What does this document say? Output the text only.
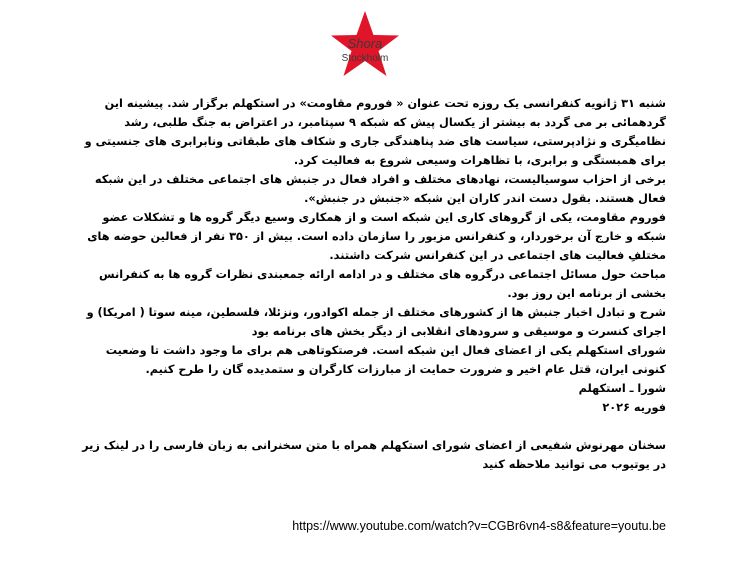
Shora
Stockholm

شنبه ۳۱ ژانویه کنفرانسی یک روزه تحت عنوان « فوروم مقاومت» در استکهلم برگزار شد. پیشینه این گردهمائی بر می گردد به بیشتر از یکسال پیش که شبکه ۹ سپتامبر، در اعتراض به جنگ طلبی، رشد نظامیگری و نژادپرستی، سیاست های ضد پناهندگی جاری و شکاف های طبقاتی ونابرابری های جنسیتی و برای همبستگی و برابری، با تظاهرات وسیعی شروع به فعالیت کرد.

برخی از احزاب سوسیالیست، نهادهای مختلف و افراد فعال در جنبش های اجتماعی مختلف در این شبکه فعال هستند. بقول دست اندر کاران این شبکه «جنبش در جنبش».

فوروم مقاومت، یکی از گروهای کاری این شبکه است و از همکاری وسیع دیگر گروه ها و تشکلات عضو شبکه و خارج آن برخوردار، و کنفرانس مزبور را سازمان داده است. بیش از ۳۵۰ نفر از فعالین حوضه های مختلفِ فعالیت های اجتماعی در این کنفرانس شرکت داشتند.

مباحث حول مسائل اجتماعی درگروه های مختلف و در ادامه ارائه جمعبندی نظرات گروه ها به کنفرانس بخشی از برنامه این روز بود.

شرح و تبادل اخبار جنبش ها از کشورهای مختلف از جمله اکوادور، ونزئلا، فلسطین، مینه سوتا ( امریکا) و اجرای کنسرت و موسیقی و سرودهای انقلابی از دیگر بخش های برنامه بود

شورای استکهلم یکی از اعضای فعال این شبکه است. فرصتکوتاهی هم برای ما وجود داشت تا وضعیت کنونی ایران، قتل عام اخیر و ضرورت حمایت از مبارزات کارگران و ستمدیده گان را طرح کنیم.

شورا ـ استکهلم

فوریه ۲۰۲۶

سخنان مهرنوش شفیعی از اعضای شورای استکهلم همراه با متن سخنرانی به زبان فارسی را در لینک زیر در یوتیوب می توانید ملاحظه کنید

https://www.youtube.com/watch?v=CGBr6vn4-s8&feature=youtu.be
